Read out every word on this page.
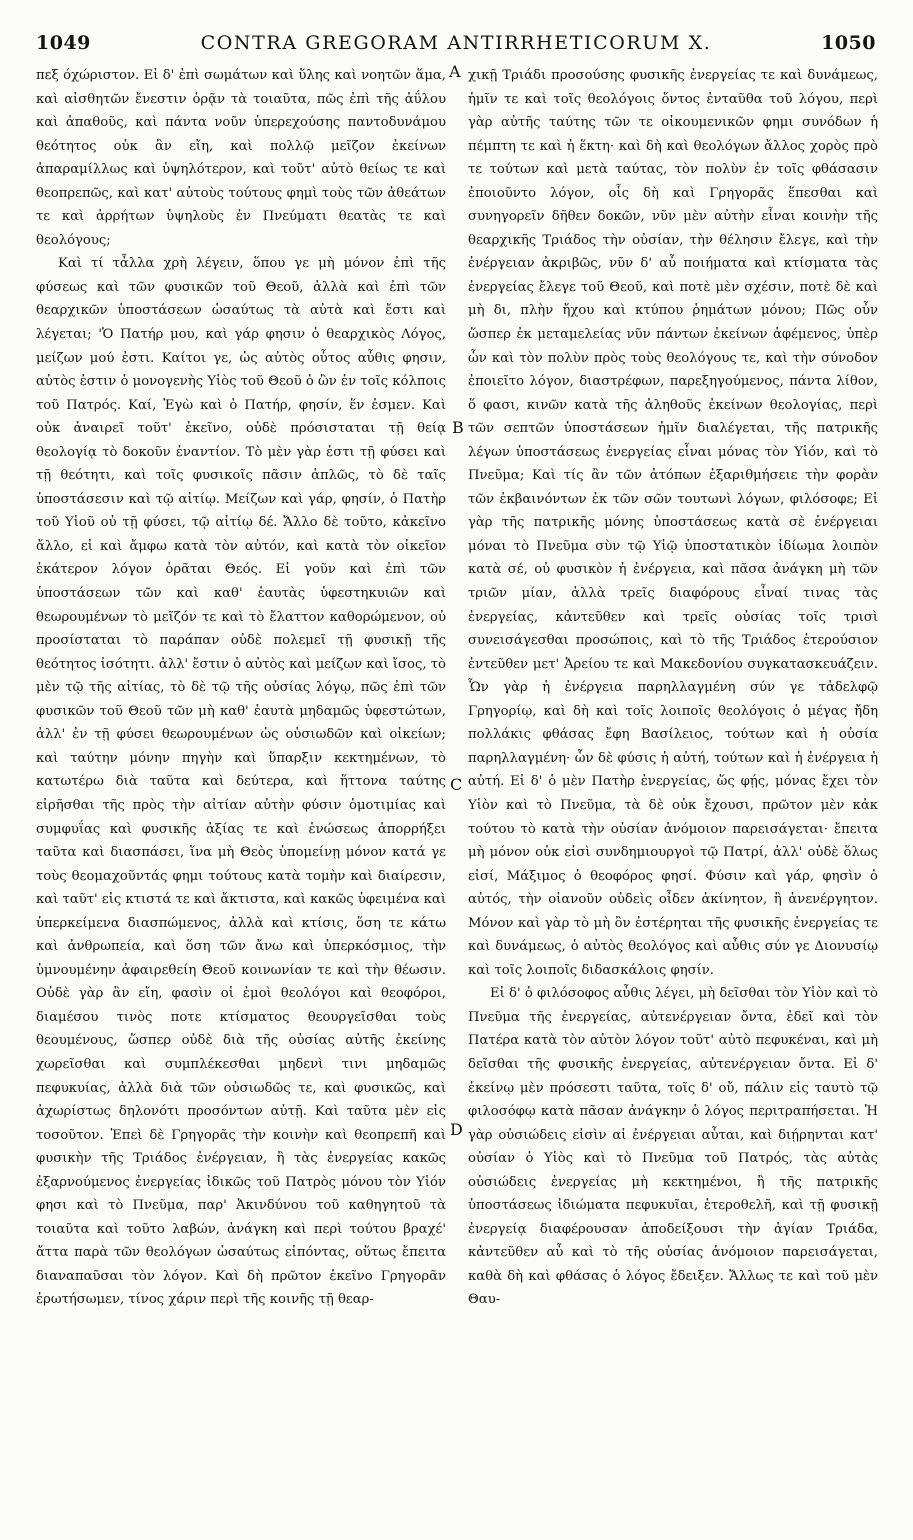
1049	CONTRA GREGORAM ANTIRRHETICORUM X.	1050

πεξ όχώριστον. Εἰ δ' ἐπὶ σωμάτων καὶ ὕλης καὶ νοητῶν ἅμα, καὶ αἰσθητῶν ἔνεστιν ὁρᾷν τὰ τοιαῦτα, πῶς ἐπὶ τῆς ἀΰλου καὶ ἀπαθοῦς, καὶ πάντα νοῦν ὑπερεχούσης παντοδυνάμου θεότητος οὐκ ἂν εἴη, καὶ πολλῷ μεῖζον ἐκείνων ἀπαραμίλλως καὶ ὑψηλότερον, καὶ τοῦτ' αὐτὸ θείως τε καὶ θεοπρεπῶς, καὶ κατ' αὐτοὺς τούτους φημὶ τοὺς τῶν ἀθεάτων τε καὶ ἀρρήτων ὑψηλοὺς ἐν Πνεύματι θεατὰς τε καὶ θεολόγους;

Καὶ τί τἆλλα χρὴ λέγειν, ὅπου γε μὴ μόνον ἐπὶ τῆς φύσεως καὶ τῶν φυσικῶν τοῦ Θεοῦ, ἀλλὰ καὶ ἐπὶ τῶν θεαρχικῶν ὑποστάσεων ὡσαύτως τὰ αὐτὰ καὶ ἔστι καὶ λέγεται; 'Ὁ Πατήρ μου, καὶ γάρ φησιν ὁ θεαρχικὸς Λόγος, μείζων μού ἐστι. Καίτοι γε, ὡς αὐτὸς οὗτος αὖθις φησιν, αὐτὸς ἐστιν ὁ μονογενὴς Υἱὸς τοῦ Θεοῦ ὁ ὢν ἐν τοῖς κόλποις τοῦ Πατρός. Καί, Ἐγὼ καὶ ὁ Πατήρ, φησίν, ἕν ἐσμεν. Καὶ οὐκ ἀναιρεῖ τοῦτ' ἐκεῖνο, οὐδὲ πρόσισταται τῇ θείᾳ θεολογίᾳ τὸ δοκοῦν ἐναντίον. Τὸ μὲν γὰρ ἐστι τῇ φύσει καὶ τῇ θεότητι, καὶ τοῖς φυσικοῖς πᾶσιν ἁπλῶς, τὸ δὲ ταῖς ὑποστάσεσιν καὶ τῷ αἰτίῳ. Μείζων καὶ γάρ, φησίν, ὁ Πατὴρ τοῦ Υἱοῦ οὐ τῇ φύσει, τῷ αἰτίῳ δέ. Ἄλλο δὲ τοῦτο, κἀκεῖνο ἄλλο, εἰ καὶ ἄμφω κατὰ τὸν αὐτόν, καὶ κατὰ τὸν οἰκεῖον ἑκάτερον λόγον ὁρᾶται Θεός. Εἰ γοῦν καὶ ἐπὶ τῶν ὑποστάσεων τῶν καὶ καθ' ἑαυτὰς ὑφεστηκυιῶν καὶ θεωρουμένων τὸ μεῖζόν τε καὶ τὸ ἔλαττον καθορώμενον, οὐ προσίσταται τὸ παράπαν οὐδὲ πολεμεῖ τῇ φυσικῇ τῆς θεότητος ἰσότητι. ἀλλ' ἔστιν ὁ αὐτὸς καὶ μείζων καὶ ἴσος, τὸ μὲν τῷ τῆς αἰτίας, τὸ δὲ τῷ τῆς οὐσίας λόγῳ, πῶς ἐπὶ τῶν φυσικῶν τοῦ Θεοῦ τῶν μὴ καθ' ἑαυτὰ μηδαμῶς ὑφεστώτων, ἀλλ' ἐν τῇ φύσει θεωρουμένων ὡς οὐσιωδῶν καὶ οἰκείων; καὶ ταύτην μόνην πηγὴν καὶ ὕπαρξιν κεκτημένων, τὸ κατωτέρω διὰ ταῦτα καὶ δεύτερα, καὶ ἥττονα ταύτης εἰρῆσθαι τῆς πρὸς τὴν αἰτίαν αὐτὴν φύσιν ὁμοτιμίας καὶ συμφυΐας καὶ φυσικῆς ἀξίας τε καὶ ἑνώσεως ἀπορρήξει ταῦτα καὶ διασπάσει, ἵνα μὴ Θεὸς ὑπομείνῃ μόνον κατά γε τοὺς θεομαχοῦντάς φημι τούτους κατὰ τομὴν καὶ διαίρεσιν, καὶ ταῦτ' εἰς κτιστά τε καὶ ἄκτιστα, καὶ κακῶς ὑφειμένα καὶ ὑπερκείμενα διασπώμενος, ἀλλὰ καὶ κτίσις, ὅση τε κάτω καὶ ἀνθρωπεία, καὶ ὅση τῶν ἄνω καὶ ὑπερκόσμιος, τὴν ὑμνουμένην ἀφαιρεθείη Θεοῦ κοινωνίαν τε καὶ τὴν θέωσιν. Οὐδὲ γὰρ ἂν εἴη, φασὶν οἱ ἐμοὶ θεολόγοι καὶ θεοφόροι, διαμέσου τινὸς ποτε κτίσματος θεουργεῖσθαι τοὺς θεουμένους, ὥσπερ οὐδὲ διὰ τῆς οὐσίας αὐτῆς ἐκείνης χωρεῖσθαι καὶ συμπλέκεσθαι μηδενὶ τινι μηδαμῶς πεφυκυίας, ἀλλὰ διὰ τῶν οὐσιωδῶς τε, καὶ φυσικῶς, καὶ ἀχωρίστως δηλονότι προσόντων αὐτῇ. Καὶ ταῦτα μὲν εἰς τοσοῦτον. Ἐπεὶ δὲ Γρηγορᾶς τὴν κοινὴν καὶ θεοπρεπῆ καὶ φυσικὴν τῆς Τριάδος ἐνέργειαν, ἢ τὰς ἐνεργείας κακῶς ἐξαρνούμενος ἐνεργείας ἰδικῶς τοῦ Πατρὸς μόνου τὸν Υἱόν φησι καὶ τὸ Πνεῦμα, παρ' Ἀκινδύνου τοῦ καθηγητοῦ τὰ τοιαῦτα καὶ τοῦτο λαβών, ἀνάγκη καὶ περὶ τούτου βραχέ' ἄττα παρὰ τῶν θεολόγων ὡσαύτως εἰπόντας, οὕτως ἔπειτα διαναπαῦσαι τὸν λόγον. Καὶ δὴ πρῶτον ἐκεῖνο Γρηγορᾶν ἐρωτήσωμεν, τίνος χάριν περὶ τῆς κοινῆς τῇ θεαρ-

χικῇ Τριάδι προσούσης φυσικῆς ἐνεργείας τε καὶ δυνάμεως, ἡμῖν τε καὶ τοῖς θεολόγοις ὄντος ἐνταῦθα τοῦ λόγου, περὶ γὰρ αὐτῆς ταύτης τῶν τε οἰκουμενικῶν φημι συνόδων ἡ πέμπτη τε καὶ ἡ ἕκτη· καὶ δὴ καὶ θεολόγων ἄλλος χορὸς πρὸ τε τούτων καὶ μετὰ ταύτας, τὸν πολὺν ἐν τοῖς φθάσασιν ἐποιοῦντο λόγον, οἷς δὴ καὶ Γρηγορᾶς ἕπεσθαι καὶ συνηγορεῖν δῆθεν δοκῶν, νῦν μὲν αὐτὴν εἶναι κοινὴν τῆς θεαρχικῆς Τριάδος τὴν οὐσίαν, τὴν θέλησιν ἔλεγε, καὶ τὴν ἐνέργειαν ἀκριβῶς, νῦν δ' αὖ ποιήματα καὶ κτίσματα τὰς ἐνεργείας ἔλεγε τοῦ Θεοῦ, καὶ ποτὲ μὲν σχέσιν, ποτὲ δὲ καὶ μὴ δι, πλὴν ἤχου καὶ κτύπου ῥημάτων μόνου; Πῶς οὖν ὥσπερ ἐκ μεταμελείας νῦν πάντων ἐκείνων ἀφέμενος, ὑπὲρ ὧν καὶ τὸν πολὺν πρὸς τοὺς θεολόγους τε, καὶ τὴν σύνοδον ἐποιεῖτο λόγον, διαστρέφων, παρεξηγούμενος, πάντα λίθον, ὅ φασι, κινῶν κατὰ τῆς ἀληθοῦς ἐκείνων θεολογίας, περὶ τῶν σεπτῶν ὑποστάσεων ἡμῖν διαλέγεται, τῆς πατρικῆς λέγων ὑποστάσεως ἐνεργείας εἶναι μόνας τὸν Υἱόν, καὶ τὸ Πνεῦμα; Καὶ τίς ἂν τῶν ἀτόπων ἐξαριθμήσειε τὴν φορὰν τῶν ἐκβαινόντων ἐκ τῶν σῶν τουτωνὶ λόγων, φιλόσοφε; Εἰ γὰρ τῆς πατρικῆς μόνης ὑποστάσεως κατὰ σὲ ἐνέργειαι μόναι τὸ Πνεῦμα σὺν τῷ Υἱῷ ὑποστατικὸν ἰδίωμα λοιπὸν κατὰ σέ, οὐ φυσικὸν ἡ ἐνέργεια, καὶ πᾶσα ἀνάγκη μὴ τῶν τριῶν μίαν, ἀλλὰ τρεῖς διαφόρους εἶναί τινας τὰς ἐνεργείας, κἀντεῦθεν καὶ τρεῖς οὐσίας τοῖς τρισὶ συνεισάγεσθαι προσώποις, καὶ τὸ τῆς Τριάδος ἑτερούσιον ἐντεῦθεν μετ' Ἀρείου τε καὶ Μακεδονίου συγκατασκευάζειν. Ὧν γὰρ ἡ ἐνέργεια παρηλλαγμένη σύν γε τἀδελφῷ Γρηγορίῳ, καὶ δὴ καὶ τοῖς λοιποῖς θεολόγοις ὁ μέγας ἤδη πολλάκις φθάσας ἔφη Βασίλειος, τούτων καὶ ἡ οὐσία παρηλλαγμένη· ὧν δὲ φύσις ἡ αὐτή, τούτων καὶ ἡ ἐνέργεια ἡ αὐτή. Εἰ δ' ὁ μὲν Πατὴρ ἐνεργείας, ὥς φῄς, μόνας ἔχει τὸν Υἱὸν καὶ τὸ Πνεῦμα, τὰ δὲ οὐκ ἔχουσι, πρῶτον μὲν κἀκ τούτου τὸ κατὰ τὴν οὐσίαν ἀνόμοιον παρεισάγεται· ἔπειτα μὴ μόνον οὐκ εἰσὶ συνδημιουργοὶ τῷ Πατρί, ἀλλ' οὐδὲ ὅλως εἰσί, Μάξιμος ὁ θεοφόρος φησί. Φύσιν καὶ γάρ, φησὶν ὁ αὐτός, τὴν οἱανοῦν οὐδεὶς οἶδεν ἀκίνητον, ἢ ἀνενέργητον. Μόνον καὶ γὰρ τὸ μὴ ὂν ἐστέρηται τῆς φυσικῆς ἐνεργείας τε καὶ δυνάμεως, ὁ αὐτὸς θεολόγος καὶ αὖθις σύν γε Διονυσίῳ καὶ τοῖς λοιποῖς διδασκάλοις φησίν.

Εἰ δ' ὁ φιλόσοφος αὖθις λέγει, μὴ δεῖσθαι τὸν Υἱὸν καὶ τὸ Πνεῦμα τῆς ἐνεργείας, αὐτενέργειαν ὄντα, ἐδεῖ καὶ τὸν Πατέρα κατὰ τὸν αὐτὸν λόγον τοῦτ' αὐτὸ πεφυκέναι, καὶ μὴ δεῖσθαι τῆς φυσικῆς ἐνεργείας, αὐτενέργειαν ὄντα. Εἰ δ' ἐκείνῳ μὲν πρόσεστι ταῦτα, τοῖς δ' οὔ, πάλιν εἰς ταυτὸ τῷ φιλοσόφῳ κατὰ πᾶσαν ἀνάγκην ὁ λόγος περιτραπήσεται. Ἡ γὰρ οὐσιώδεις εἰσὶν αἱ ἐνέργειαι αὗται, καὶ διῄρηνται κατ' οὐσίαν ὁ Υἱὸς καὶ τὸ Πνεῦμα τοῦ Πατρός, τὰς αὐτὰς οὐσιώδεις ἐνεργείας μὴ κεκτημένοι, ἢ τῆς πατρικῆς ὑποστάσεως ἰδιώματα πεφυκυῖαι, ἑτεροθελῆ, καὶ τῇ φυσικῇ ἐνεργείᾳ διαφέρουσαν ἀποδείξουσι τὴν ἁγίαν Τριάδα, κἀντεῦθεν αὖ καὶ τὸ τῆς οὐσίας ἀνόμοιον παρεισάγεται, καθὰ δὴ καὶ φθάσας ὁ λόγος ἔδειξεν. Ἄλλως τε καὶ τοῦ μὲν Θαυ-

A
B
C
D
